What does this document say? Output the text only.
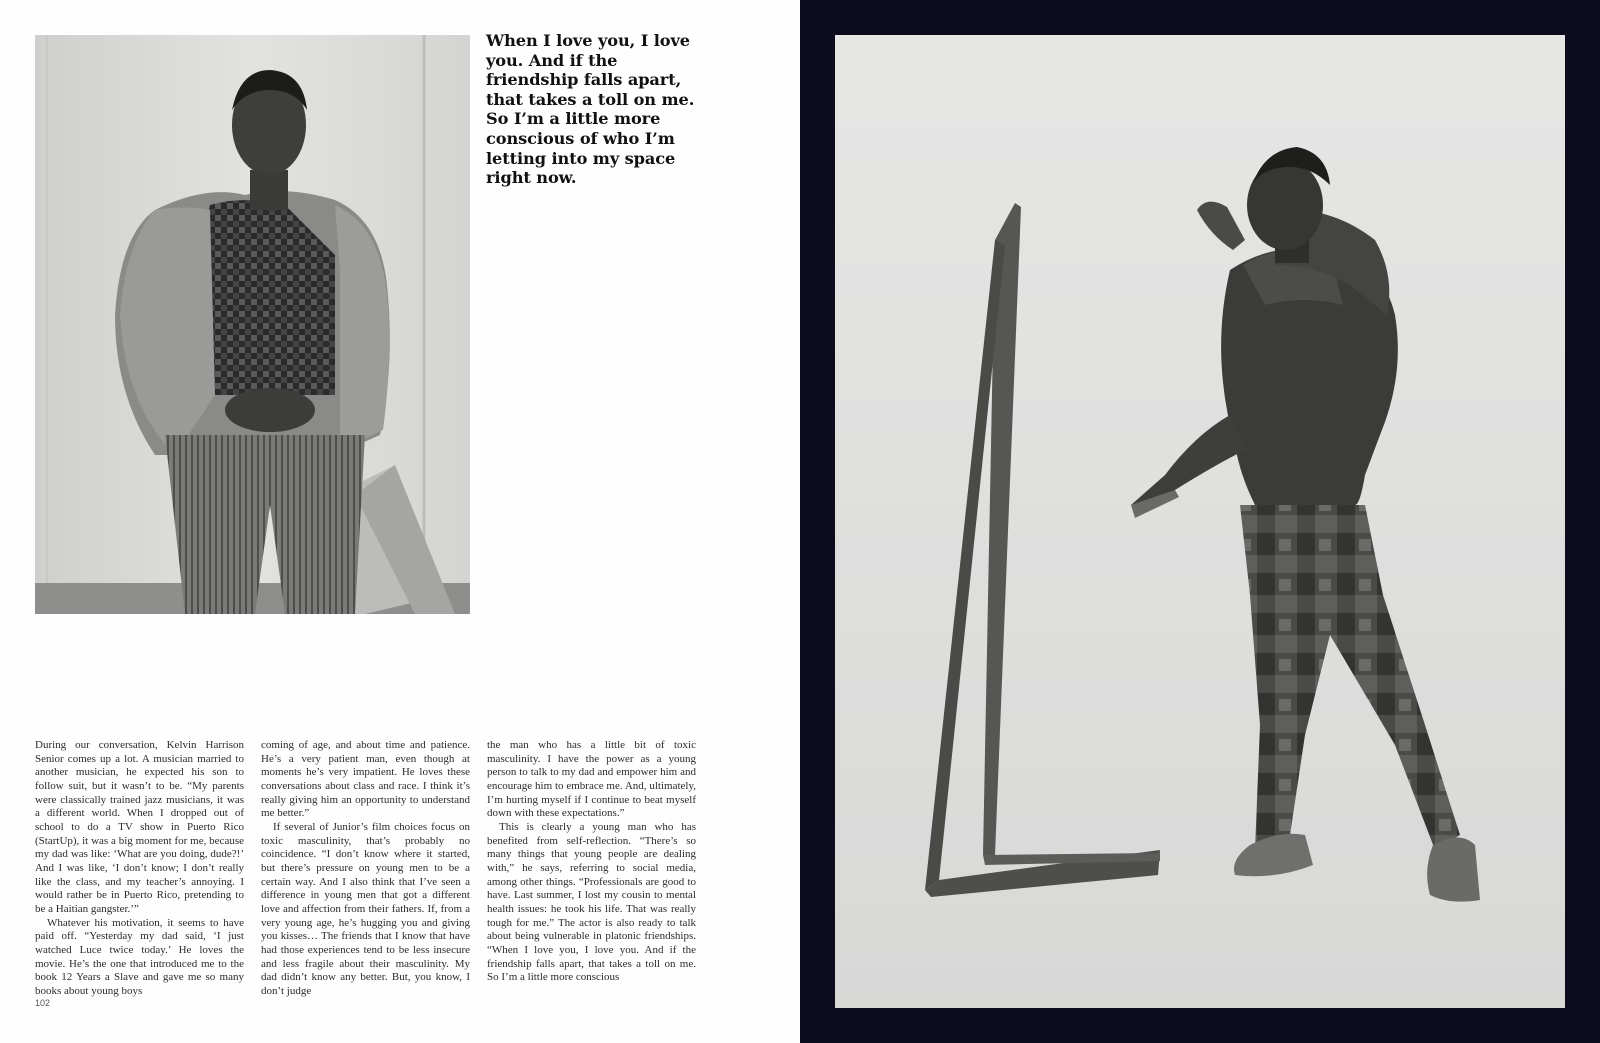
When I love you, I love you. And if the friendship falls apart, that takes a toll on me. So I’m a little more conscious of who I’m letting into my space right now.

During our conversation, Kelvin Harrison Senior comes up a lot. A musician married to another musician, he expected his son to follow suit, but it wasn’t to be. “My parents were classically trained jazz musicians, it was a different world. When I dropped out of school to do a TV show in Puerto Rico (StartUp), it was a big moment for me, because my dad was like: ‘What are you doing, dude?!’ And I was like, ‘I don’t know; I don’t really like the class, and my teacher’s annoying. I would rather be in Puerto Rico, pretending to be a Haitian gangster.’”

Whatever his motivation, it seems to have paid off. “Yesterday my dad said, ‘I just watched Luce twice today.’ He loves the movie. He’s the one that introduced me to the book 12 Years a Slave and gave me so many books about young boys

coming of age, and about time and patience. He’s a very patient man, even though at moments he’s very impatient. He loves these conversations about class and race. I think it’s really giving him an opportunity to understand me better.”

If several of Junior’s film choices focus on toxic masculinity, that’s probably no coincidence. “I don’t know where it started, but there’s pressure on young men to be a certain way. And I also think that I’ve seen a difference in young men that got a different love and affection from their fathers. If, from a very young age, he’s hugging you and giving you kisses… The friends that I know that have had those experiences tend to be less insecure and less fragile about their masculinity. My dad didn’t know any better. But, you know, I don’t judge

the man who has a little bit of toxic masculinity. I have the power as a young person to talk to my dad and empower him and encourage him to embrace me. And, ultimately, I’m hurting myself if I continue to beat myself down with these expectations.”

This is clearly a young man who has benefited from self-reflection. “There’s so many things that young people are dealing with,” he says, referring to social media, among other things. “Professionals are good to have. Last summer, I lost my cousin to mental health issues: he took his life. That was really tough for me.” The actor is also ready to talk about being vulnerable in platonic friendships. “When I love you, I love you. And if the friendship falls apart, that takes a toll on me. So I’m a little more conscious

102
